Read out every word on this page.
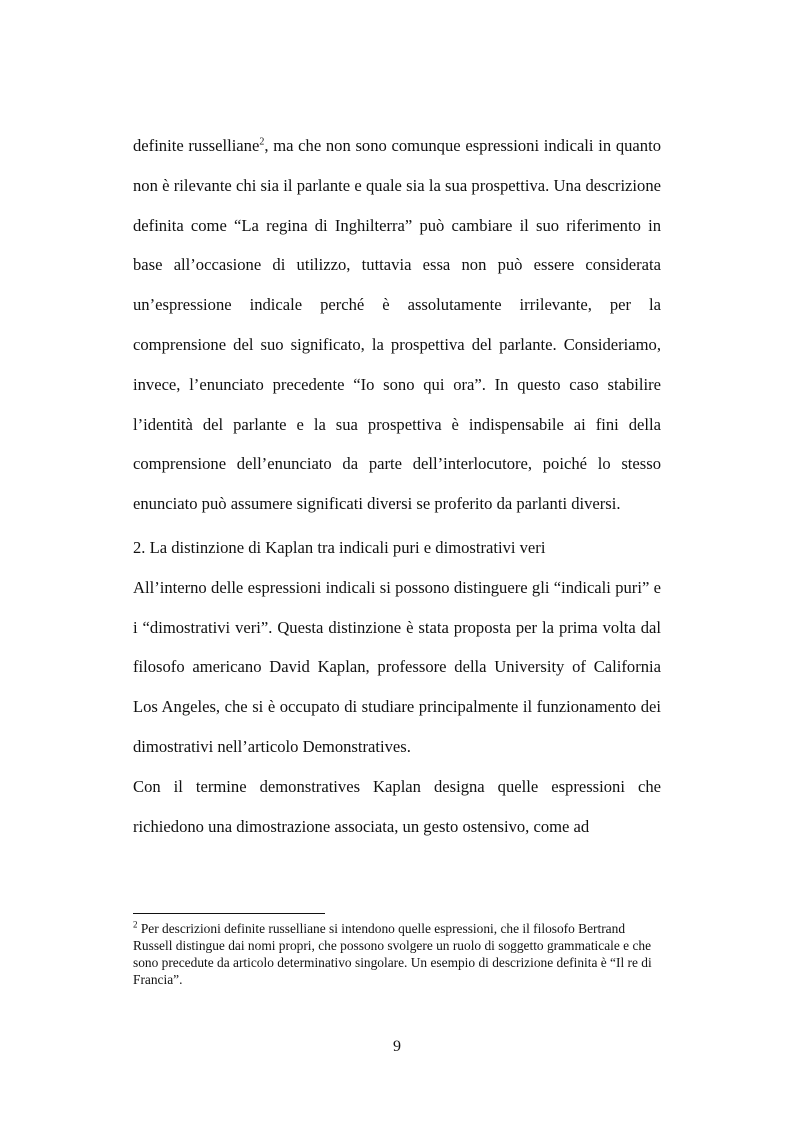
definite russelliane$^2$, ma che non sono comunque espressioni indicali in quanto non è rilevante chi sia il parlante e quale sia la sua prospettiva. Una descrizione definita come “La regina di Inghilterra” può cambiare il suo riferimento in base all’occasione di utilizzo, tuttavia essa non può essere considerata un’espressione indicale perché è assolutamente irrilevante, per la comprensione del suo significato, la prospettiva del parlante. Consideriamo, invece, l’enunciato precedente “Io sono qui ora”. In questo caso stabilire l’identità del parlante e la sua prospettiva è indispensabile ai fini della comprensione dell’enunciato da parte dell’interlocutore, poiché lo stesso enunciato può assumere significati diversi se proferito da parlanti diversi.

2. La distinzione di Kaplan tra indicali puri e dimostrativi veri

All’interno delle espressioni indicali si possono distinguere gli “indicali puri” e i “dimostrativi veri”. Questa distinzione è stata proposta per la prima volta dal filosofo americano David Kaplan, professore della University of California Los Angeles, che si è occupato di studiare principalmente il funzionamento dei dimostrativi nell’articolo Demonstratives.

Con il termine demonstratives Kaplan designa quelle espressioni che richiedono una dimostrazione associata, un gesto ostensivo, come ad

$^2$ Per descrizioni definite russelliane si intendono quelle espressioni, che il filosofo Bertrand Russell distingue dai nomi propri, che possono svolgere un ruolo di soggetto grammaticale e che sono precedute da articolo determinativo singolare. Un esempio di descrizione definita è “Il re di Francia”.
9
